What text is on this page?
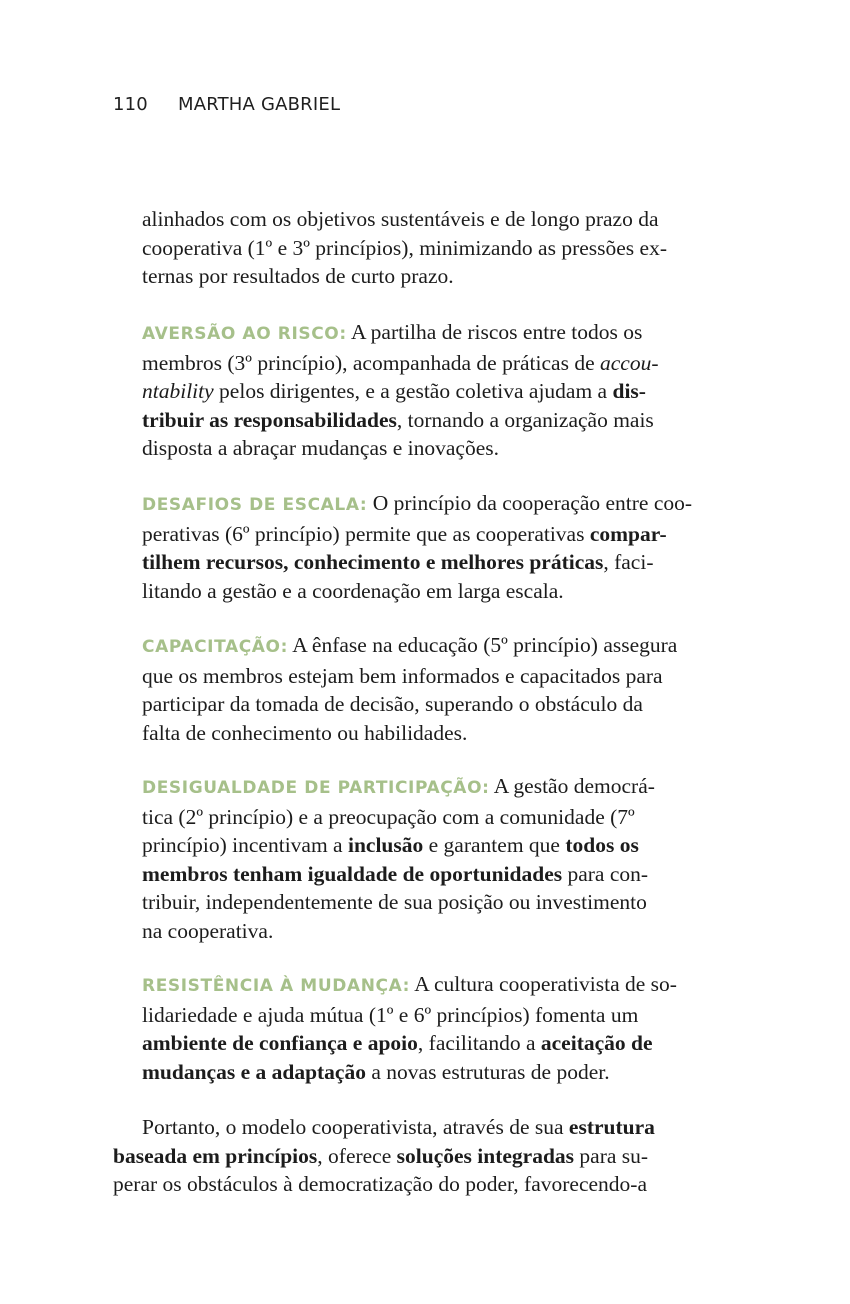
110 MARTHA GABRIEL
alinhados com os objetivos sustentáveis e de longo prazo da
cooperativa (1º e 3º princípios), minimizando as pressões ex-
ternas por resultados de curto prazo.
AVERSÃO AO RISCO: A partilha de riscos entre todos os
membros (3º princípio), acompanhada de práticas de accou-
ntability pelos dirigentes, e a gestão coletiva ajudam a dis-
tribuir as responsabilidades, tornando a organização mais
disposta a abraçar mudanças e inovações.
DESAFIOS DE ESCALA: O princípio da cooperação entre coo-
perativas (6º princípio) permite que as cooperativas compar-
tilhem recursos, conhecimento e melhores práticas, faci-
litando a gestão e a coordenação em larga escala.
CAPACITAÇÃO: A ênfase na educação (5º princípio) assegura
que os membros estejam bem informados e capacitados para
participar da tomada de decisão, superando o obstáculo da
falta de conhecimento ou habilidades.
DESIGUALDADE DE PARTICIPAÇÃO: A gestão democrá-
tica (2º princípio) e a preocupação com a comunidade (7º
princípio) incentivam a inclusão e garantem que todos os
membros tenham igualdade de oportunidades para con-
tribuir, independentemente de sua posição ou investimento
na cooperativa.
RESISTÊNCIA À MUDANÇA: A cultura cooperativista de so-
lidariedade e ajuda mútua (1º e 6º princípios) fomenta um
ambiente de confiança e apoio, facilitando a aceitação de
mudanças e a adaptação a novas estruturas de poder.
Portanto, o modelo cooperativista, através de sua estrutura
baseada em princípios, oferece soluções integradas para su-
perar os obstáculos à democratização do poder, favorecendo-a
